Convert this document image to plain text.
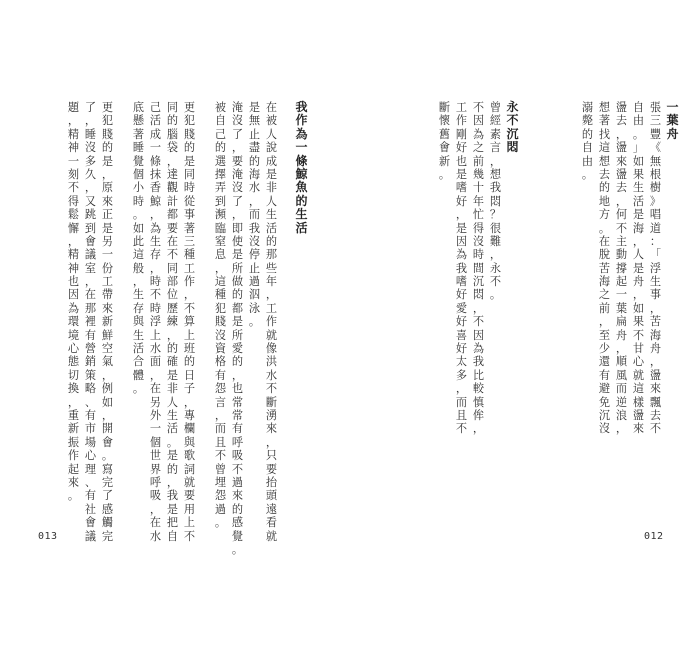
一
葉
舟
張
三
豐
《
無
根
樹
》
唱
道
：
「
浮
生
事
，
苦
海
舟
，
盪
來
飄
去
不
自
由
。
」
如
果
生
活
是
海
，
人
是
舟
，
如
果
不
甘
心
就
這
樣
盪
來
盪
去
，
盪
來
盪
去
，
何
不
主
動
撐
起
一
葉
扁
舟
，
順
風
而
逆
浪
，
想
著
找
這
想
去
的
地
方
。
在
脫
苦
海
之
前
，
至
少
還
有
避
免
沉
沒
溺
斃
的
自
由
。
永
不
沉
悶
曾
經
素
言
，
想
我
悶
？
很
難
，
永
不
。
不
因
為
之
前
幾
十
年
忙
得
沒
時
間
沉
悶
，
不
因
為
我
比
較
慎
侔
，
工
作
剛
好
也
是
嗜
好
，
是
因
為
我
嗜
好
愛
好
喜
好
太
多
，
而
且
不
斷
懷
舊
會
新
。
我
作
為
一
條
鯨
魚
的
生
活
在
被
人
說
成
是
非
人
生
活
的
那
些
年
，
工
作
就
像
洪
水
不
斷
湧
來
，
只
要
抬
頭
遠
看
就
是
無
止
盡
的
海
水
，
而
我
沒
停
止
過
泅
泳
。
淹
沒
了
，
要
淹
沒
了
，
即
使
是
所
做
的
都
是
所
愛
的
，
也
常
常
有
呼
吸
不
過
來
的
感
覺
。
被
自
己
的
選
擇
弄
到
瀕
臨
窒
息
，
這
種
犯
賤
沒
資
格
有
怨
言
，
而
且
不
曾
埋
怨
過
。
更
犯
賤
的
是
同
時
從
事
著
三
種
工
作
，
不
算
上
班
的
日
子
，
專
欄
與
歌
詞
就
要
用
上
不
同
的
腦
袋
，
達
觀
計
都
要
在
不
同
部
位
歷
練
，
的
確
是
非
人
生
活
。
是
的
，
我
是
把
自
己
活
成
一
條
抹
香
鯨
，
為
生
存
，
時
不
時
浮
上
水
面
，
在
另
外
一
個
世
界
呼
吸
，
在
水
底
懸
著
睡
覺
個
小
時
。
如
此
這
般
，
生
存
與
生
活
合
體
。
更
犯
賤
的
是
，
原
來
正
是
另
一
份
工
帶
來
新
鮮
空
氣
，
例
如
，
開
會
。
寫
完
了
感
觸
完
了
，
睡
沒
多
久
，
又
跳
到
會
議
室
，
在
那
裡
有
營
銷
策
略
、
有
市
場
心
理
、
有
社
會
議
題
，
精
神
一
刻
不
得
鬆
懈
，
精
神
也
因
為
環
境
心
態
切
換
，
重
新
振
作
起
來
。
013	012
